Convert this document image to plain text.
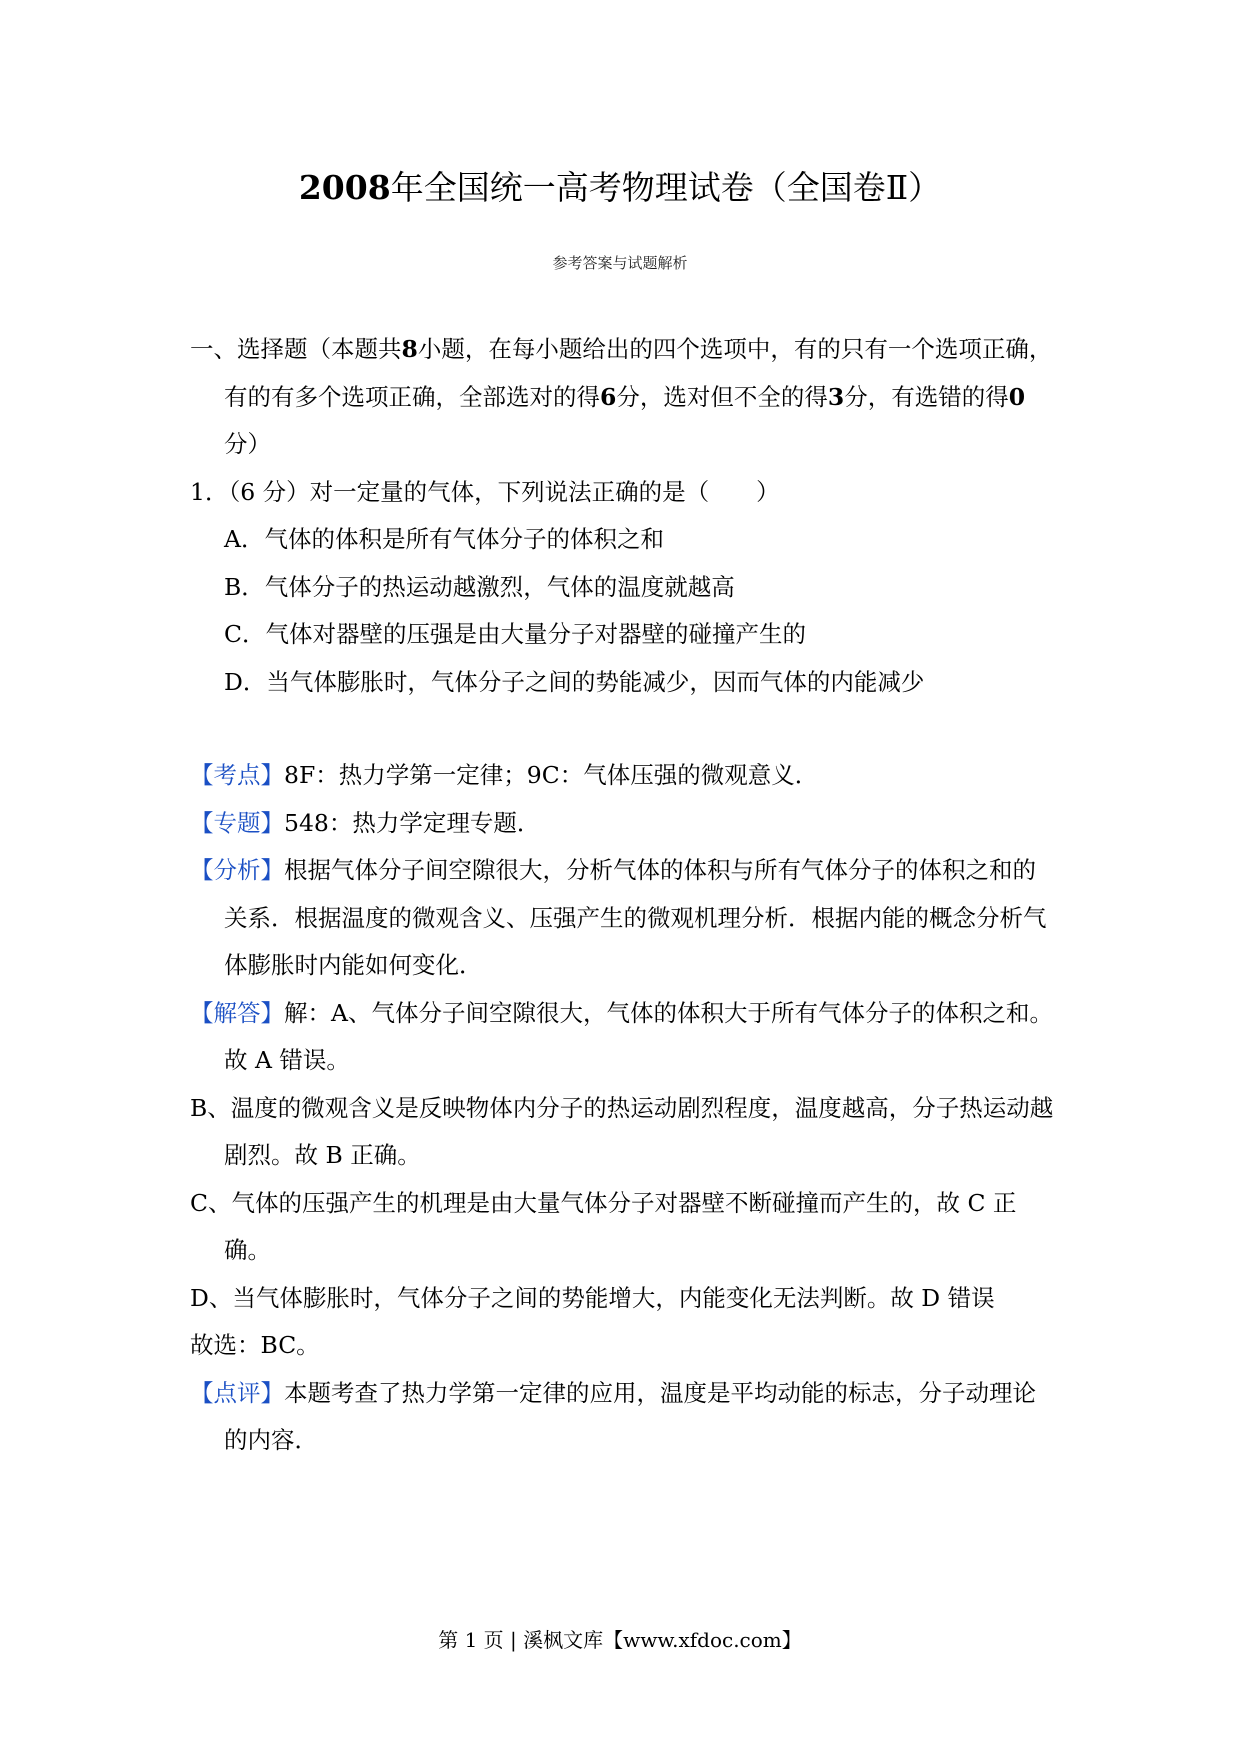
2008年全国统一高考物理试卷（全国卷Ⅱ）
参考答案与试题解析

一、选择题（本题共8小题，在每小题给出的四个选项中，有的只有一个选项正确，有的有多个选项正确，全部选对的得6分，选对但不全的得3分，有选错的得0分）

1．（6 分）对一定量的气体，下列说法正确的是（　　）

A．气体的体积是所有气体分子的体积之和

B．气体分子的热运动越激烈，气体的温度就越高

C．气体对器壁的压强是由大量分子对器壁的碰撞产生的

D．当气体膨胀时，气体分子之间的势能减少，因而气体的内能减少

【考点】8F：热力学第一定律；9C：气体压强的微观意义．

【专题】548：热力学定理专题．

【分析】根据气体分子间空隙很大，分析气体的体积与所有气体分子的体积之和的关系．根据温度的微观含义、压强产生的微观机理分析．根据内能的概念分析气体膨胀时内能如何变化．

【解答】解：A、气体分子间空隙很大，气体的体积大于所有气体分子的体积之和。故 A 错误。

B、温度的微观含义是反映物体内分子的热运动剧烈程度，温度越高，分子热运动越剧烈。故 B 正确。

C、气体的压强产生的机理是由大量气体分子对器壁不断碰撞而产生的，故 C 正确。

D、当气体膨胀时，气体分子之间的势能增大，内能变化无法判断。故 D 错误

故选：BC。

【点评】本题考查了热力学第一定律的应用，温度是平均动能的标志，分子动理论的内容．

第 1 页 | 溪枫文库【www.xfdoc.com】
